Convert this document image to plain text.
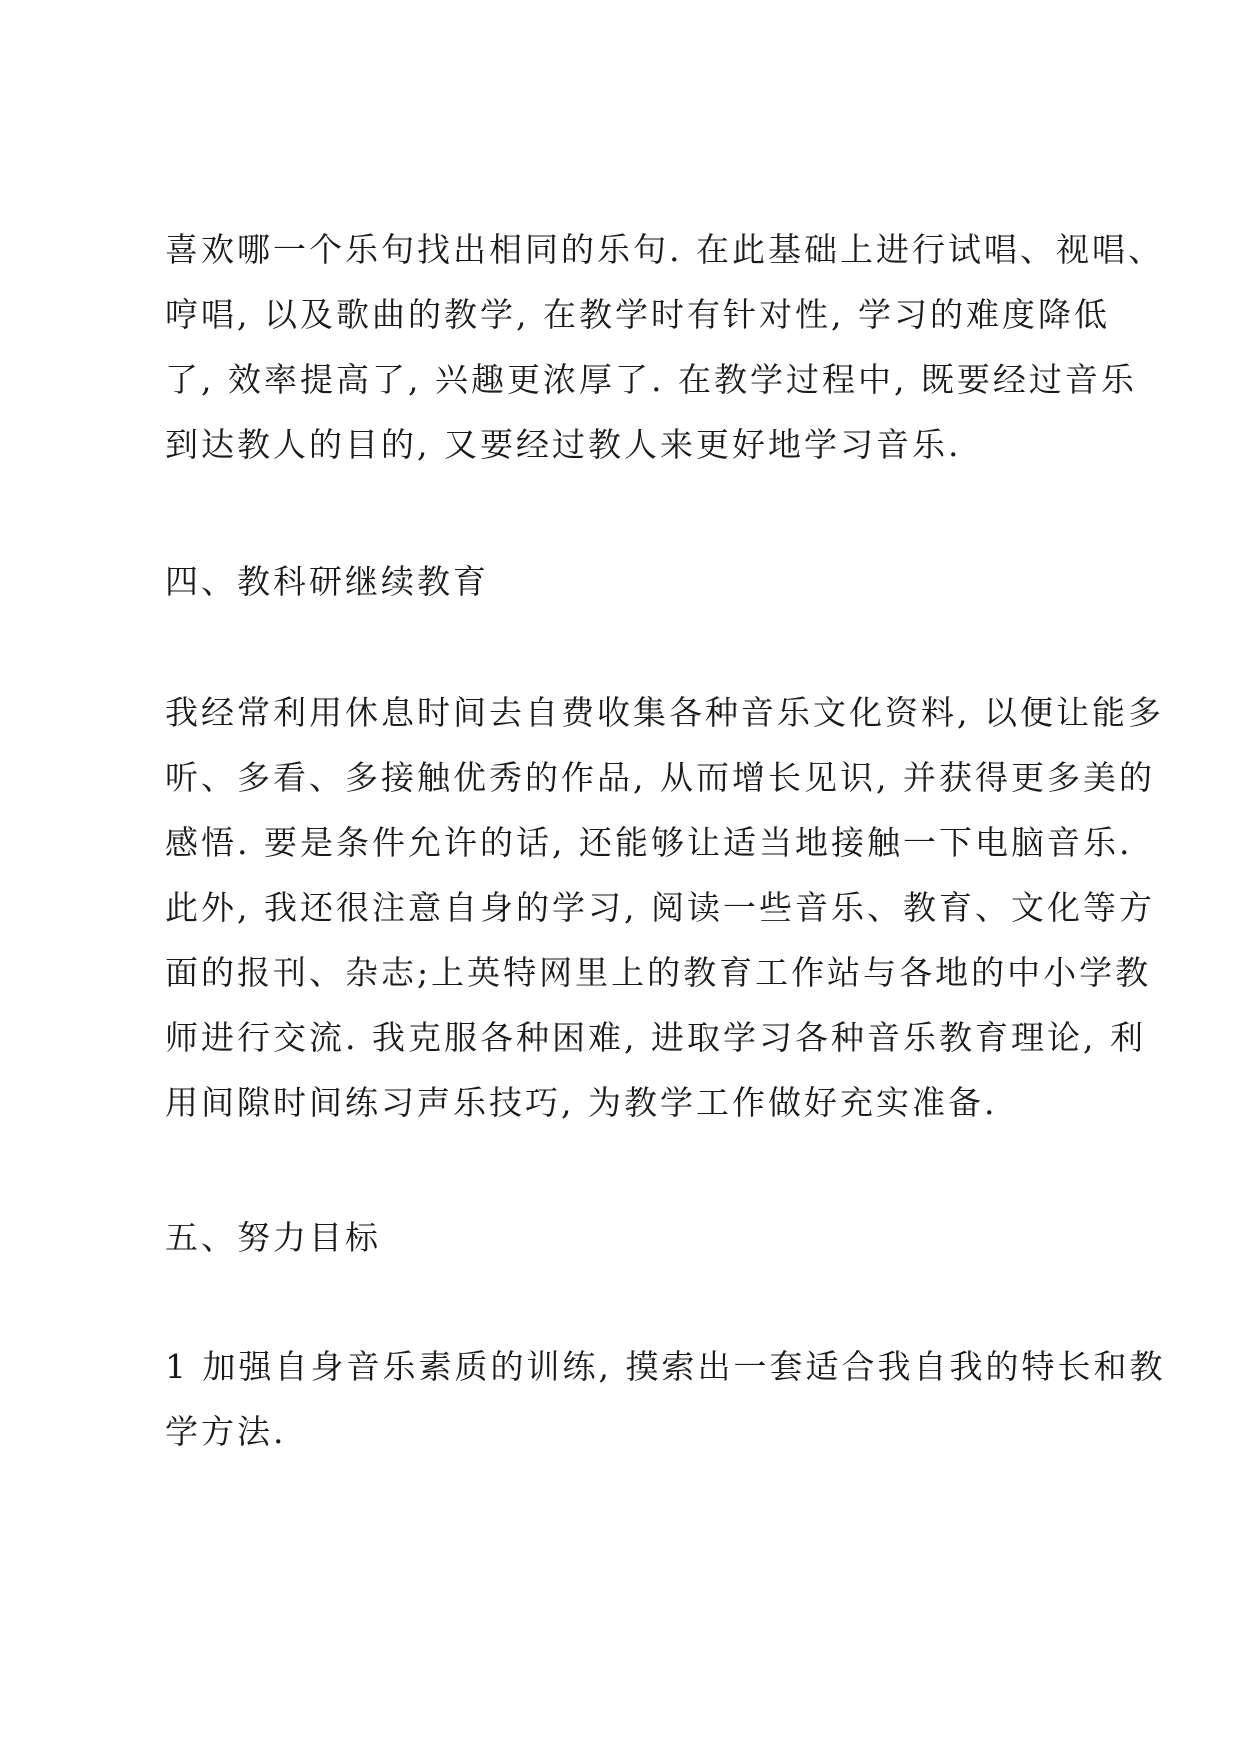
喜欢哪一个乐句找出相同的乐句. 在此基础上进行试唱、视唱、
哼唱, 以及歌曲的教学, 在教学时有针对性, 学习的难度降低
了, 效率提高了, 兴趣更浓厚了. 在教学过程中, 既要经过音乐
到达教人的目的, 又要经过教人来更好地学习音乐.
四、教科研继续教育
我经常利用休息时间去自费收集各种音乐文化资料, 以便让能多
听、多看、多接触优秀的作品, 从而增长见识, 并获得更多美的
感悟. 要是条件允许的话, 还能够让适当地接触一下电脑音乐.
此外, 我还很注意自身的学习, 阅读一些音乐、教育、文化等方
面的报刊、杂志;上英特网里上的教育工作站与各地的中小学教
师进行交流. 我克服各种困难, 进取学习各种音乐教育理论, 利
用间隙时间练习声乐技巧, 为教学工作做好充实准备.
五、努力目标
1 加强自身音乐素质的训练, 摸索出一套适合我自我的特长和教
学方法.
